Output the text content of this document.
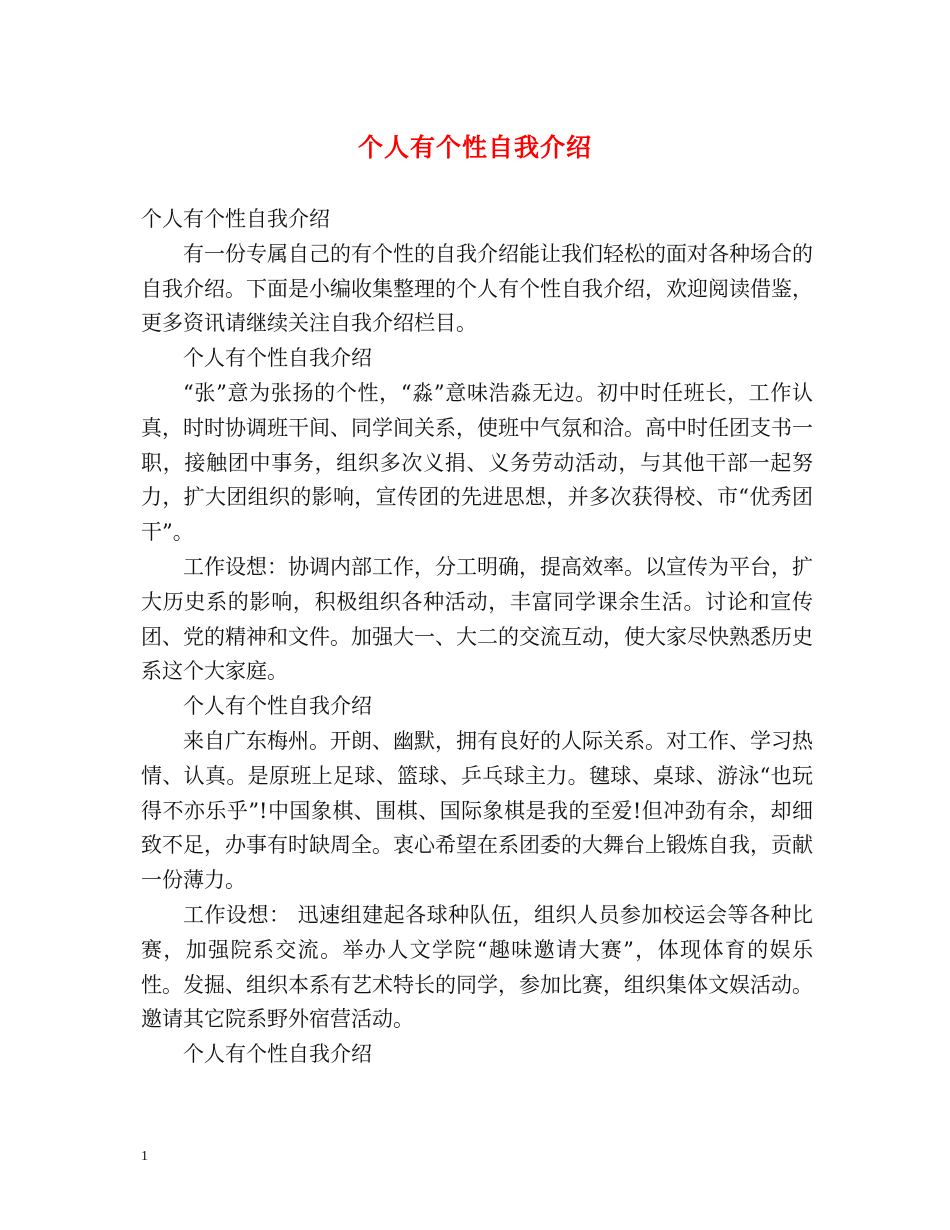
个人有个性自我介绍

个人有个性自我介绍

有一份专属自己的有个性的自我介绍能让我们轻松的面对各种场合的自我介绍。下面是小编收集整理的个人有个性自我介绍，欢迎阅读借鉴，更多资讯请继续关注自我介绍栏目。

个人有个性自我介绍

“张”意为张扬的个性，“淼”意味浩淼无边。初中时任班长，工作认真，时时协调班干间、同学间关系，使班中气氛和洽。高中时任团支书一职，接触团中事务，组织多次义捐、义务劳动活动，与其他干部一起努力，扩大团组织的影响，宣传团的先进思想，并多次获得校、市“优秀团干”。

工作设想：协调内部工作，分工明确，提高效率。以宣传为平台，扩大历史系的影响，积极组织各种活动，丰富同学课余生活。讨论和宣传团、党的精神和文件。加强大一、大二的交流互动，使大家尽快熟悉历史系这个大家庭。

个人有个性自我介绍

来自广东梅州。开朗、幽默，拥有良好的人际关系。对工作、学习热情、认真。是原班上足球、篮球、乒乓球主力。毽球、桌球、游泳“也玩得不亦乐乎”!中国象棋、围棋、国际象棋是我的至爱!但冲劲有余，却细致不足，办事有时缺周全。衷心希望在系团委的大舞台上锻炼自我，贡献一份薄力。

工作设想： 迅速组建起各球种队伍，组织人员参加校运会等各种比赛，加强院系交流。举办人文学院“趣味邀请大赛”，体现体育的娱乐性。发掘、组织本系有艺术特长的同学，参加比赛，组织集体文娱活动。邀请其它院系野外宿营活动。

个人有个性自我介绍

1
